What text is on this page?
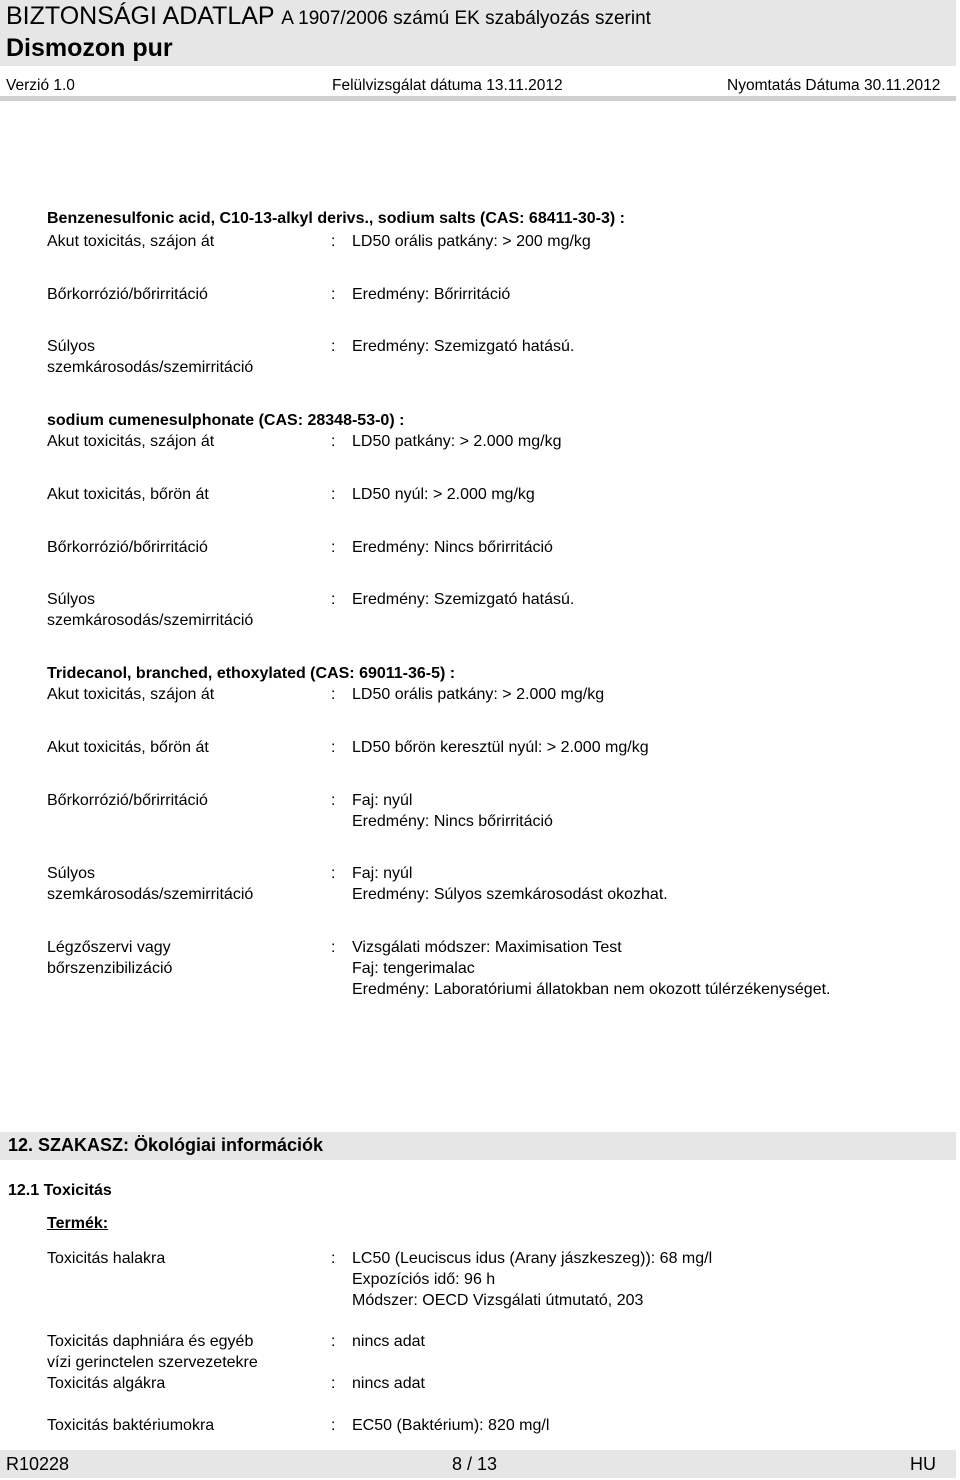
BIZTONSÁGI ADATLAP A 1907/2006 számú EK szabályozás szerint
Dismozon pur
Verzió 1.0	Felülvizsgálat dátuma 13.11.2012	Nyomtatás Dátuma 30.11.2012
Benzenesulfonic acid, C10-13-alkyl derivs., sodium salts (CAS: 68411-30-3) :
Akut toxicitás, szájon át	: LD50 orális patkány: > 200 mg/kg
Bőrkorrózió/bőrirritáció	: Eredmény: Bőrirritáció
Súlyos
szemkárosodás/szemirritáció
: Eredmény: Szemizgató hatású.
sodium cumenesulphonate (CAS: 28348-53-0) :
Akut toxicitás, szájon át	: LD50 patkány: > 2.000 mg/kg
Akut toxicitás, bőrön át	: LD50 nyúl: > 2.000 mg/kg
Bőrkorrózió/bőrirritáció	: Eredmény: Nincs bőrirritáció
Súlyos
szemkárosodás/szemirritáció
: Eredmény: Szemizgató hatású.
Tridecanol, branched, ethoxylated (CAS: 69011-36-5) :
Akut toxicitás, szájon át	: LD50 orális patkány: > 2.000 mg/kg
Akut toxicitás, bőrön át	: LD50 bőrön keresztül nyúl: > 2.000 mg/kg
Bőrkorrózió/bőrirritáció	: Faj: nyúl
Eredmény: Nincs bőrirritáció
Súlyos
szemkárosodás/szemirritáció
: Faj: nyúl
Eredmény: Súlyos szemkárosodást okozhat.
Légzőszervi vagy
bőrszenzibilizáció
: Vizsgálati módszer: Maximisation Test
Faj: tengerimalac
Eredmény: Laboratóriumi állatokban nem okozott túlérzékenységet.
12. SZAKASZ: Ökológiai információk
12.1 Toxicitás
Termék:
Toxicitás halakra	: LC50 (Leuciscus idus (Arany jászkeszeg)): 68 mg/l
Expozíciós idő: 96 h
Módszer: OECD Vizsgálati útmutató, 203
Toxicitás daphniára és egyéb
vízi gerinctelen szervezetekre
: nincs adat
Toxicitás algákra	: nincs adat
Toxicitás baktériumokra	: EC50 (Baktérium): 820 mg/l
R10228	8 / 13	HU
